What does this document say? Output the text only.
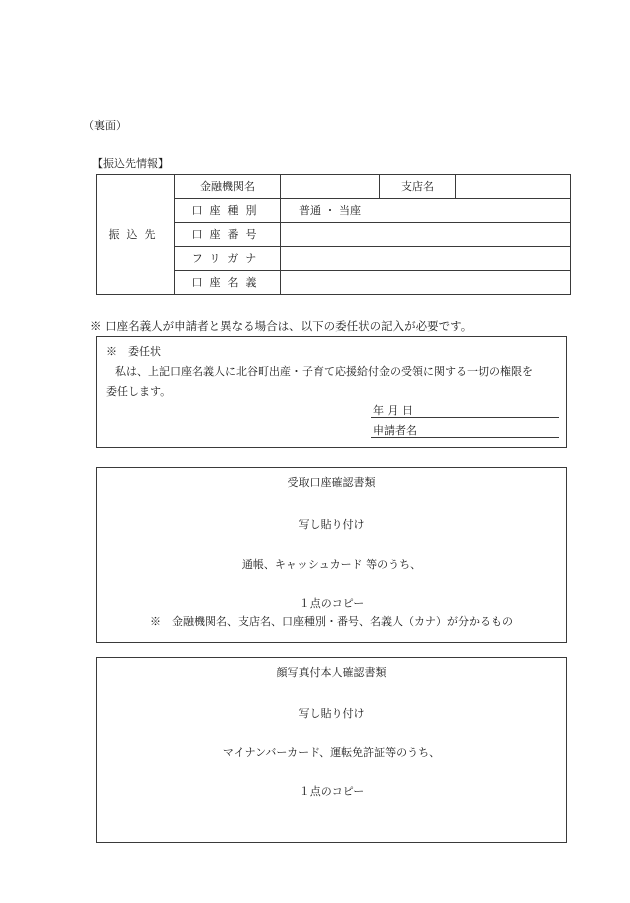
（裏面）
【振込先情報】
振込先	金融機関名		支店名	
	口座種別	普通 ・ 当座		
	口座番号			
	フリガナ			
	口座名義			
※ 口座名義人が申請者と異なる場合は、以下の委任状の記入が必要です。
※　委任状
私は、上記口座名義人に北谷町出産・子育て応援給付金の受領に関する一切の権限を
委任します。
年 月 日
申請者名
受取口座確認書類
写し貼り付け
通帳、キャッシュカード 等のうち、
１点のコピー
※　金融機関名、支店名、口座種別・番号、名義人（カナ）が分かるもの
顔写真付本人確認書類
写し貼り付け
マイナンバーカード、運転免許証等のうち、
１点のコピー
